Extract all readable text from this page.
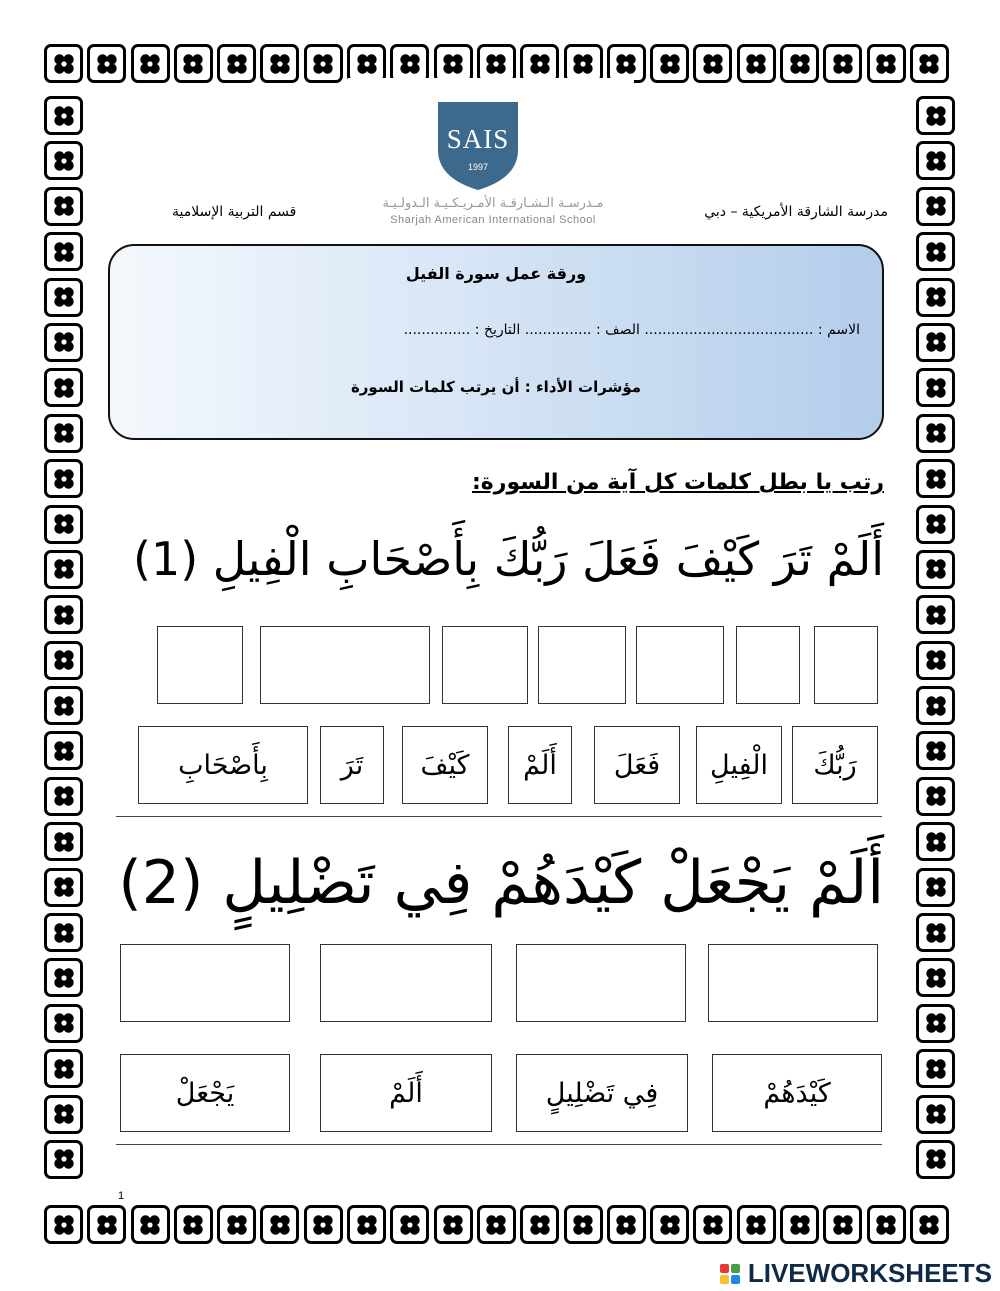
مدرسة الشارقة الأمريكية – دبي
قسم التربية الإسلامية
SAIS
1997
مـدرسـة الـشـارقـة الأمـريـكـيـة الـدولـيـة
Sharjah American International School
ورقة عمل سورة الفيل
الاسم : ...................................... الصف : ............... التاريخ : ...............
مؤشرات الأداء : أن يرتب كلمات السورة
رتب يا بطل كلمات كل آية من السورة:
أَلَمْ تَرَ كَيْفَ فَعَلَ رَبُّكَ بِأَصْحَابِ الْفِيلِ (1)
رَبُّكَ
الْفِيلِ
فَعَلَ
أَلَمْ
كَيْفَ
تَرَ
بِأَصْحَابِ
أَلَمْ يَجْعَلْ كَيْدَهُمْ فِي تَضْلِيلٍ (2)
كَيْدَهُمْ
فِي تَضْلِيلٍ
أَلَمْ
يَجْعَلْ
1
LIVEWORKSHEETS
